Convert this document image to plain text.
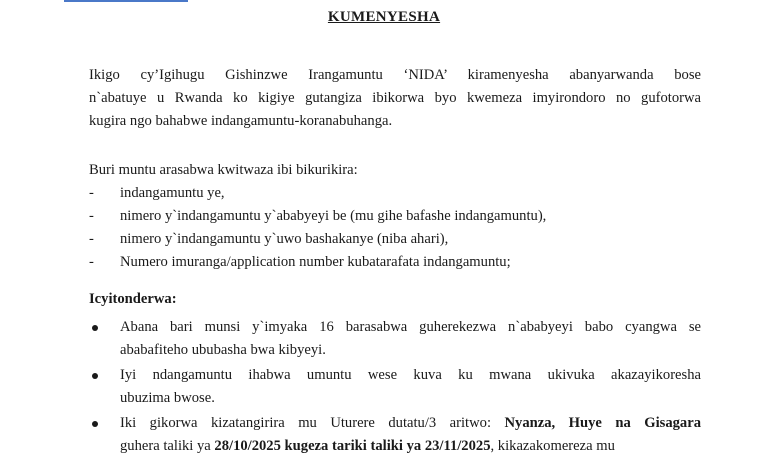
KUMENYESHA
Ikigo cy’Igihugu Gishinzwe Irangamuntu ‘NIDA’ kiramenyesha abanyarwanda bose
n`abatuye u Rwanda ko kigiye gutangiza ibikorwa byo kwemeza imyirondoro no gufotorwa
kugira ngo bahabwe indangamuntu-koranabuhanga.
Buri muntu arasabwa kwitwaza ibi bikurikira:
- indangamuntu ye,
- nimero y`indangamuntu y`ababyeyi be (mu gihe bafashe indangamuntu),
- nimero y`indangamuntu y`uwo bashakanye (niba ahari),
- Numero imuranga/application number kubatarafata indangamuntu;
Icyitonderwa:
Abana bari munsi y`imyaka 16 barasabwa guherekezwa n`ababyeyi babo cyangwa se
ababafiteho ububasha bwa kibyeyi.
Iyi ndangamuntu ihabwa umuntu wese kuva ku mwana ukivuka akazayikoresha
ubuzima bwose.
Iki gikorwa kizatangirira mu Uturere dutatu/3 aritwo: Nyanza, Huye na Gisagara
guhera taliki ya 28/10/2025 kugeza tariki taliki ya 23/11/2025, kikazakomereza mu
